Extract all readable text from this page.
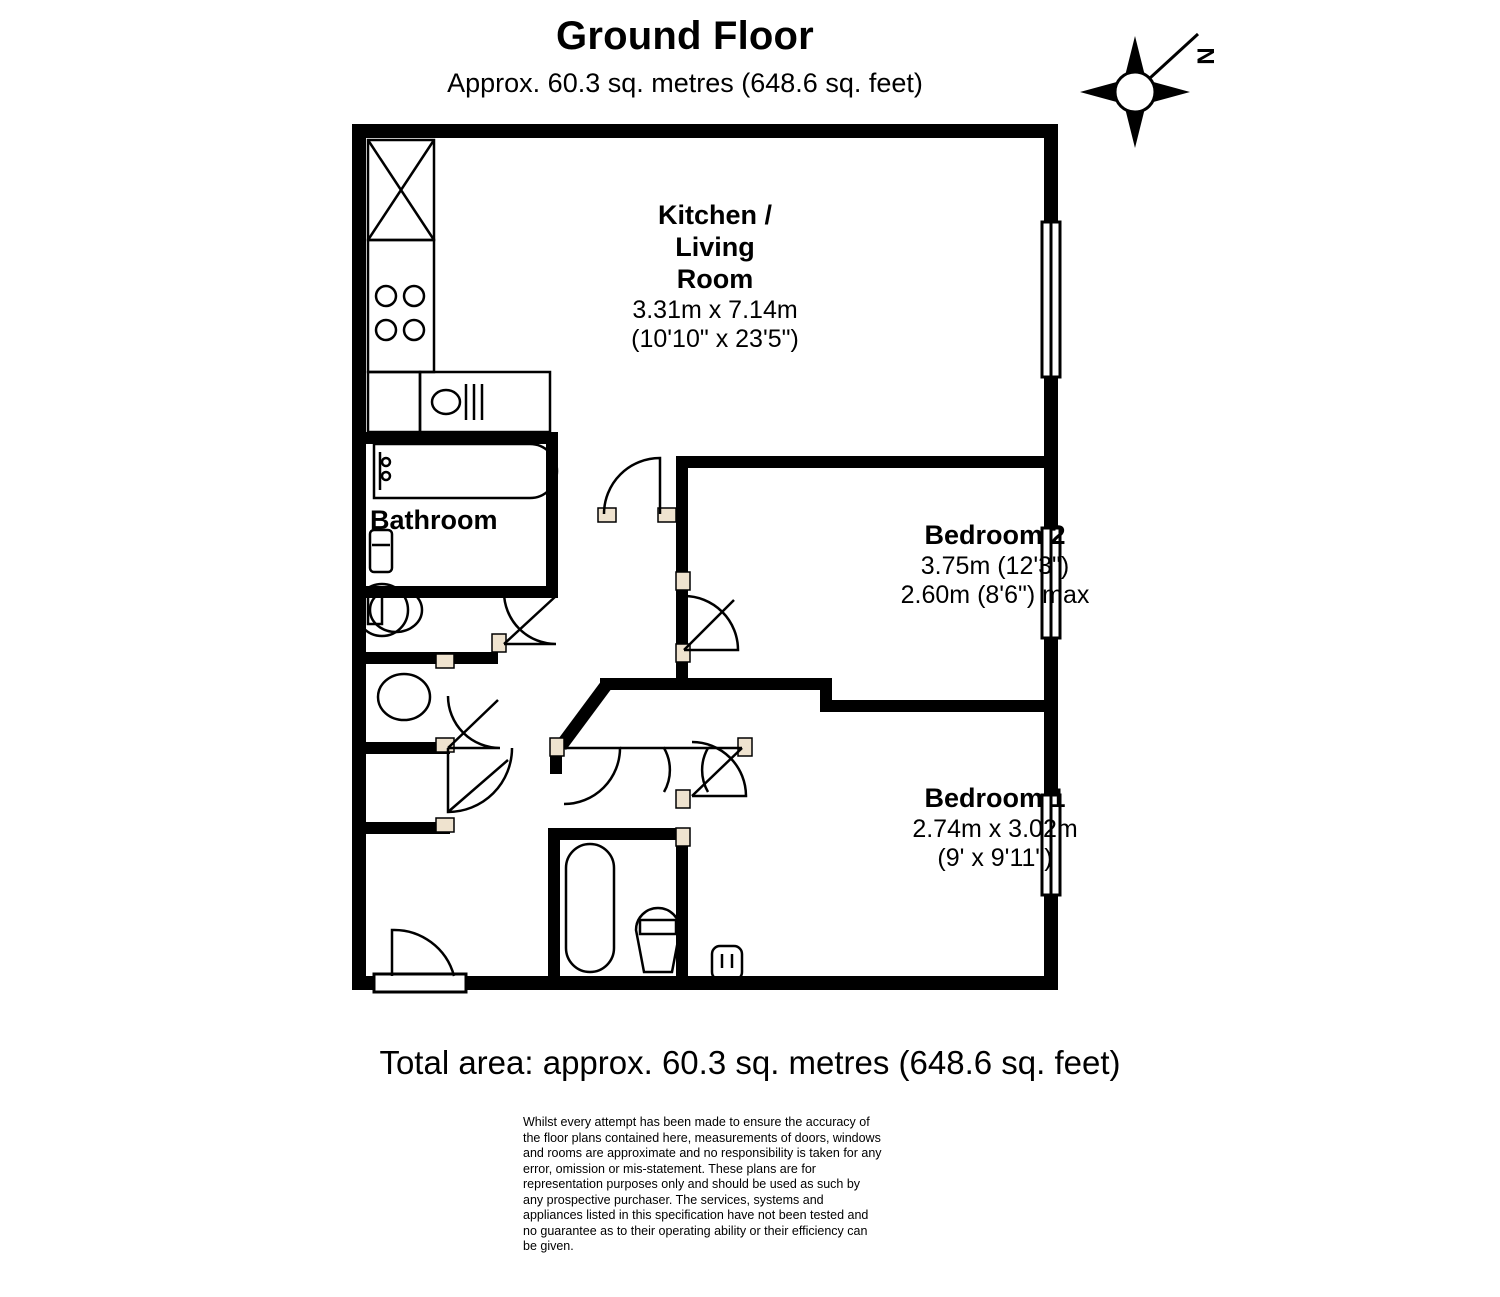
Ground Floor
Approx. 60.3 sq. metres (648.6 sq. feet)
N
Kitchen /
Living
Room
3.31m x 7.14m
(10'10" x 23'5")
Bedroom 2
3.75m (12'3")
2.60m (8'6") max
Bedroom 1
2.74m x 3.02m
(9' x 9'11")
Bathroom
Total area: approx. 60.3 sq. metres (648.6 sq. feet)
Whilst every attempt has been made to ensure the accuracy of the floor plans contained here, measurements of doors, windows and rooms are approximate and no responsibility is taken for any error, omission or mis-statement. These plans are for representation purposes only and should be used as such by any prospective purchaser. The services, systems and appliances listed in this specification have not been tested and no guarantee as to their operating ability or their efficiency can be given.
